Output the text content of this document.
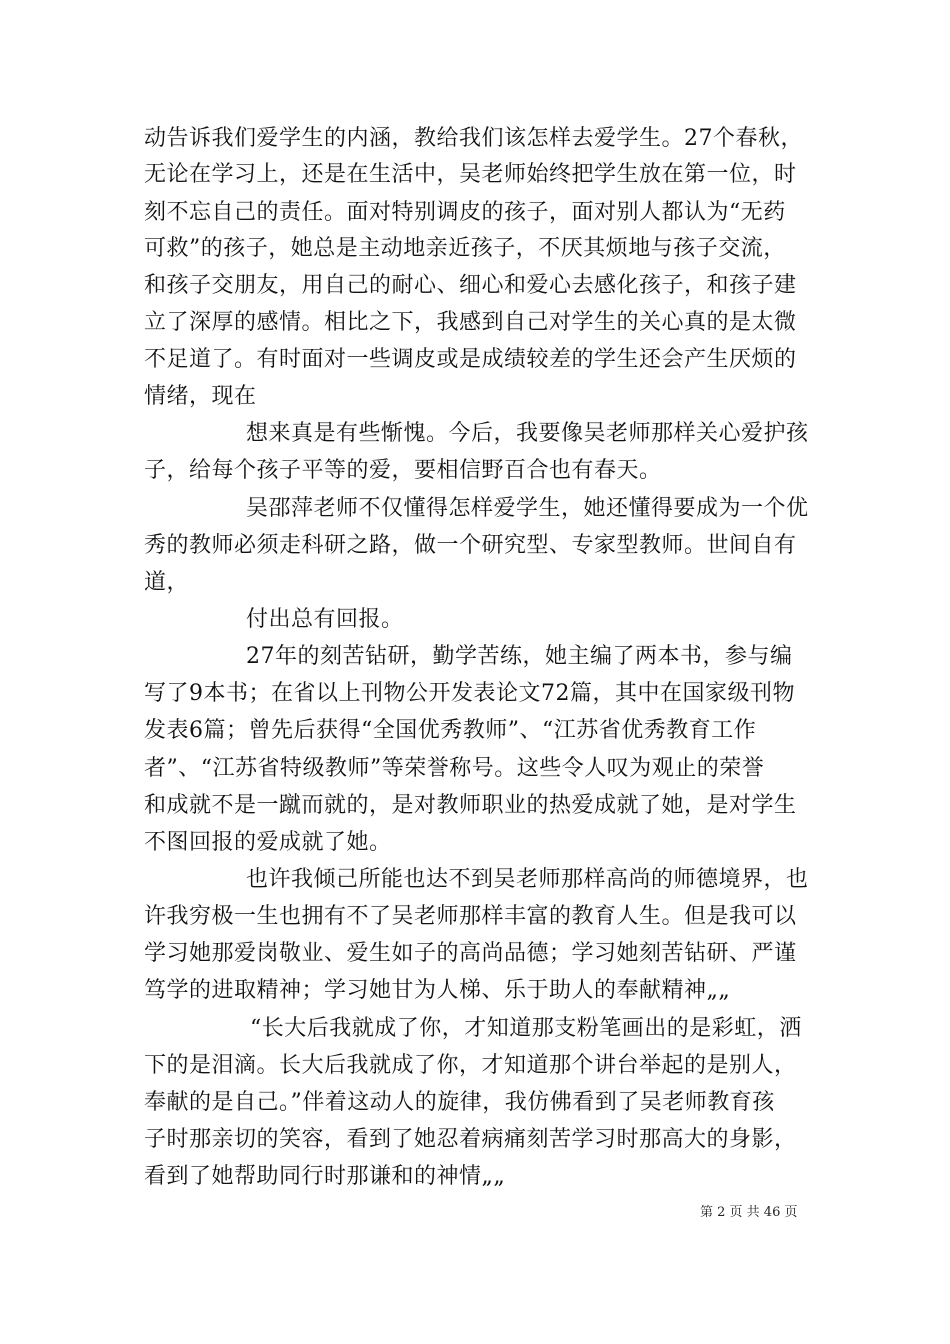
动告诉我们爱学生的内涵，教给我们该怎样去爱学生。27个春秋，
无论在学习上，还是在生活中，吴老师始终把学生放在第一位，时
刻不忘自己的责任。面对特别调皮的孩子，面对别人都认为“无药
可救”的孩子，她总是主动地亲近孩子，不厌其烦地与孩子交流，
和孩子交朋友，用自己的耐心、细心和爱心去感化孩子，和孩子建
立了深厚的感情。相比之下，我感到自己对学生的关心真的是太微
不足道了。有时面对一些调皮或是成绩较差的学生还会产生厌烦的
情绪，现在
想来真是有些惭愧。今后，我要像吴老师那样关心爱护孩
子，给每个孩子平等的爱，要相信野百合也有春天。
吴邵萍老师不仅懂得怎样爱学生，她还懂得要成为一个优
秀的教师必须走科研之路，做一个研究型、专家型教师。世间自有
道，
付出总有回报。
27年的刻苦钻研，勤学苦练，她主编了两本书，参与编
写了9本书；在省以上刊物公开发表论文72篇，其中在国家级刊物
发表6篇；曾先后获得“全国优秀教师”、“江苏省优秀教育工作
者”、“江苏省特级教师”等荣誉称号。这些令人叹为观止的荣誉
和成就不是一蹴而就的，是对教师职业的热爱成就了她，是对学生
不图回报的爱成就了她。
也许我倾己所能也达不到吴老师那样高尚的师德境界，也
许我穷极一生也拥有不了吴老师那样丰富的教育人生。但是我可以
学习她那爱岗敬业、爱生如子的高尚品德；学习她刻苦钻研、严谨
笃学的进取精神；学习她甘为人梯、乐于助人的奉献精神„„
“长大后我就成了你，才知道那支粉笔画出的是彩虹，洒
下的是泪滴。长大后我就成了你，才知道那个讲台举起的是别人，
奉献的是自己。”伴着这动人的旋律，我仿佛看到了吴老师教育孩
子时那亲切的笑容，看到了她忍着病痛刻苦学习时那高大的身影，
看到了她帮助同行时那谦和的神情„„
第 2 页 共 46 页
